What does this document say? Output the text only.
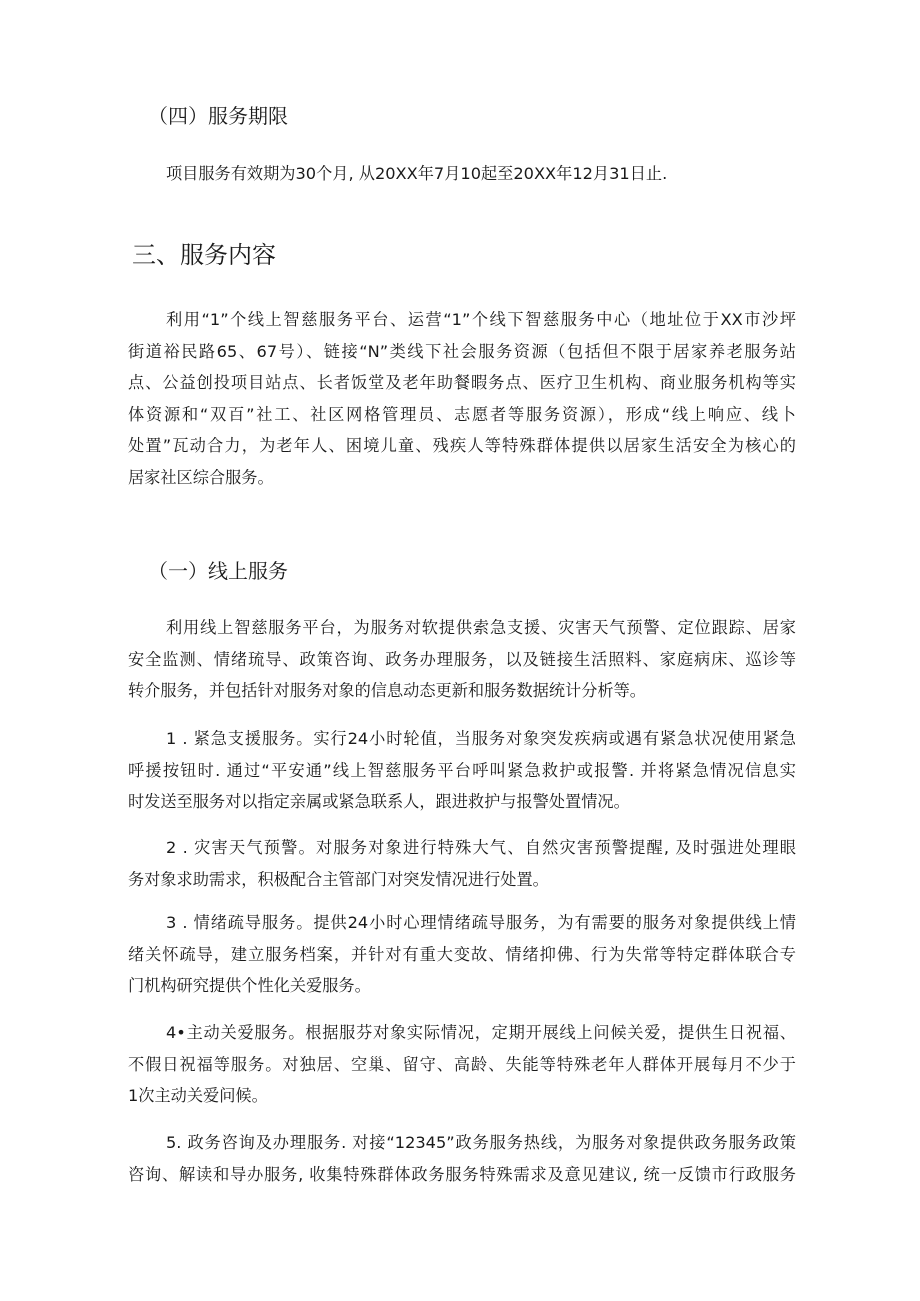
（四）服务期限
项目服务有效期为30个月, 从20XX年7月10起至20XX年12月31日止.
三、服务内容
利用“1”个线上智慈服务平台、运营“1”个线下智慈服务中心（地址位于XX市沙坪
街道裕民路65、67号）、链接“N”类线下社会服务资源（包括但不限于居家养老服务站
点、公益创投项目站点、长者饭堂及老年助餐暇务点、医疗卫生机构、商业服务机构等实
体资源和“双百”社工、社区网格管理员、志愿者等服务资源），形成“线上响应、线卜
处置”瓦动合力，为老年人、困境儿童、残疾人等特殊群体提供以居家生活安全为核心的
居家社区综合服务。
（一）线上服务
利用线上智慈服务平台，为服务对软提供索急支援、灾害天气预警、定位跟踪、居家
安全监测、情绪琉导、政策咨询、政务办理服务，以及链接生活照料、家庭病床、巡诊等
转介服务，并包括针对服务对象的信息动态更新和服务数据统计分析等。
1 . 紧急支援服务。实行24小时轮值，当服务对象突发疾病或遇有紧急状况使用紧急
呼援按钮时. 通过“平安通”线上智慈服务平台呼叫紧急救护或报警. 并将紧急情况信息实
时发送至服务对以指定亲属或紧急联系人，跟进救护与报警处置情况。
2 . 灾害天气预警。对服务对象进行特殊大气、自然灾害预警提醒, 及时强进处理眼
务对象求助需求，积极配合主管部门对突发情况进行处置。
3 . 情绪疏导服务。提供24小时心理情绪疏导服务，为有需要的服务对象提供线上情
绪关怀疏导，建立服务档案，并针对有重大变故、情绪抑佛、行为失常等特定群体联合专
门机构研究提供个性化关爱服务。
4•主动关爱服务。根据服芬对象实际情况，定期开展线上问候关爱，提供生日祝福、
不假日祝福等服务。对独居、空巢、留守、高龄、失能等特殊老年人群体开展每月不少于
1次主动关爱问候。
5. 政务咨询及办理服务. 对接“12345”政务服务热线，为服务对象提供政务服务政策
咨询、解读和导办服务, 收集特殊群体政务服务特殊需求及意见建议, 统一反馈市行政服务
